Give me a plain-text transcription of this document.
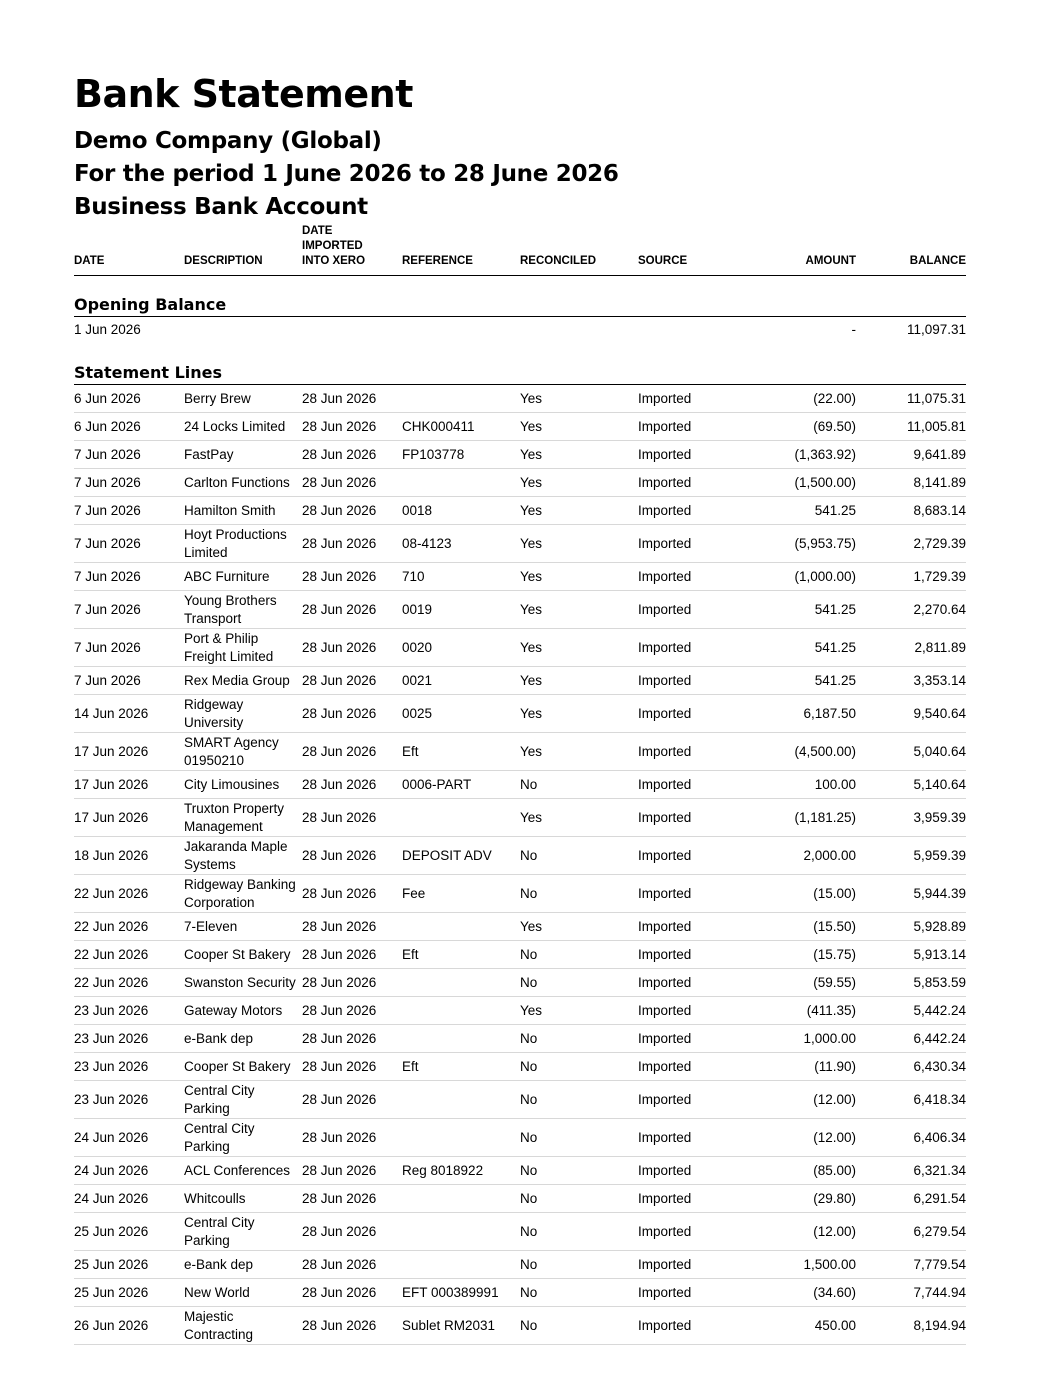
Bank Statement

Demo Company (Global)

For the period 1 June 2026 to 28 June 2026

Business Bank Account

DATE	DESCRIPTION	DATE IMPORTED INTO XERO	REFERENCE	RECONCILED	SOURCE	AMOUNT	BALANCE
Opening Balance							
1 Jun 2026						-	11,097.31
Statement Lines							
6 Jun 2026	Berry Brew	28 Jun 2026		Yes	Imported	(22.00)	11,075.31
6 Jun 2026	24 Locks Limited	28 Jun 2026	CHK000411	Yes	Imported	(69.50)	11,005.81
7 Jun 2026	FastPay	28 Jun 2026	FP103778	Yes	Imported	(1,363.92)	9,641.89
7 Jun 2026	Carlton Functions	28 Jun 2026		Yes	Imported	(1,500.00)	8,141.89
7 Jun 2026	Hamilton Smith	28 Jun 2026	0018	Yes	Imported	541.25	8,683.14
7 Jun 2026	Hoyt Productions Limited	28 Jun 2026	08-4123	Yes	Imported	(5,953.75)	2,729.39
7 Jun 2026	ABC Furniture	28 Jun 2026	710	Yes	Imported	(1,000.00)	1,729.39
7 Jun 2026	Young Brothers Transport	28 Jun 2026	0019	Yes	Imported	541.25	2,270.64
7 Jun 2026	Port & Philip Freight Limited	28 Jun 2026	0020	Yes	Imported	541.25	2,811.89
7 Jun 2026	Rex Media Group	28 Jun 2026	0021	Yes	Imported	541.25	3,353.14
14 Jun 2026	Ridgeway University	28 Jun 2026	0025	Yes	Imported	6,187.50	9,540.64
17 Jun 2026	SMART Agency 01950210	28 Jun 2026	Eft	Yes	Imported	(4,500.00)	5,040.64
17 Jun 2026	City Limousines	28 Jun 2026	0006-PART	No	Imported	100.00	5,140.64
17 Jun 2026	Truxton Property Management	28 Jun 2026		Yes	Imported	(1,181.25)	3,959.39
18 Jun 2026	Jakaranda Maple Systems	28 Jun 2026	DEPOSIT ADV	No	Imported	2,000.00	5,959.39
22 Jun 2026	Ridgeway Banking Corporation	28 Jun 2026	Fee	No	Imported	(15.00)	5,944.39
22 Jun 2026	7-Eleven	28 Jun 2026		Yes	Imported	(15.50)	5,928.89
22 Jun 2026	Cooper St Bakery	28 Jun 2026	Eft	No	Imported	(15.75)	5,913.14
22 Jun 2026	Swanston Security	28 Jun 2026		No	Imported	(59.55)	5,853.59
23 Jun 2026	Gateway Motors	28 Jun 2026		Yes	Imported	(411.35)	5,442.24
23 Jun 2026	e-Bank dep	28 Jun 2026		No	Imported	1,000.00	6,442.24
23 Jun 2026	Cooper St Bakery	28 Jun 2026	Eft	No	Imported	(11.90)	6,430.34
23 Jun 2026	Central City Parking	28 Jun 2026		No	Imported	(12.00)	6,418.34
24 Jun 2026	Central City Parking	28 Jun 2026		No	Imported	(12.00)	6,406.34
24 Jun 2026	ACL Conferences	28 Jun 2026	Reg 8018922	No	Imported	(85.00)	6,321.34
24 Jun 2026	Whitcoulls	28 Jun 2026		No	Imported	(29.80)	6,291.54
25 Jun 2026	Central City Parking	28 Jun 2026		No	Imported	(12.00)	6,279.54
25 Jun 2026	e-Bank dep	28 Jun 2026		No	Imported	1,500.00	7,779.54
25 Jun 2026	New World	28 Jun 2026	EFT 000389991	No	Imported	(34.60)	7,744.94
26 Jun 2026	Majestic Contracting	28 Jun 2026	Sublet RM2031	No	Imported	450.00	8,194.94
